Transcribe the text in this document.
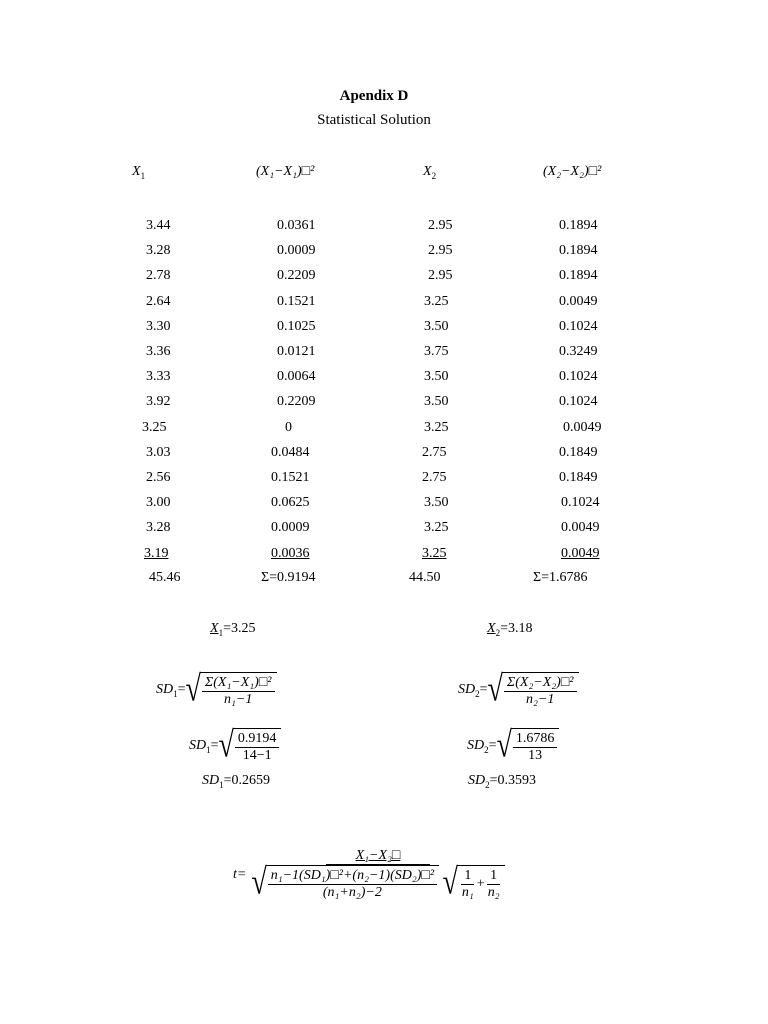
Apendix D
Statistical Solution
$X_1$	(X₁−X₁)□²	$X_2$	(X₂−X₂)□²
3.44	0.0361	2.95	0.1894
3.28	0.0009	2.95	0.1894
2.78	0.2209	2.95	0.1894
2.64	0.1521	3.25	0.0049
3.30	0.1025	3.50	0.1024
3.36	0.0121	3.75	0.3249
3.33	0.0064	3.50	0.1024
3.92	0.2209	3.50	0.1024
3.25	0	3.25	0.0049
3.03	0.0484	2.75	0.1849
2.56	0.1521	2.75	0.1849
3.00	0.0625	3.50	0.1024
3.28	0.0009	3.25	0.0049
3.19	0.0036	3.25	0.0049
45.46	Σ=0.9194	44.50	Σ=1.6786
$X_1=3.25$	$X_2=3.18$
$SD_1=$ √ $\frac{\text{Σ(X₁−X₁)□²}}{\text{n₁−1}}$	$SD_2=$ √ $\frac{\text{Σ(X₂−X₂)□²}}{\text{n₂−1}}$
$SD_1=$ √ $\frac{0.9194}{14-1}$	$SD_2=$ √ $\frac{1.6786}{13}$
$SD_1=0.2659$	$SD_2=0.3593$
t= X₁−X₂□
√ $\frac{\text{n₁−1(SD₁)□²+(n₂−1)(SD₂)□²}}{\text{(n₁+n₂)−2}}$
√ $\frac{1}{\text{n₁}} + \frac{1}{\text{n₂}}$
